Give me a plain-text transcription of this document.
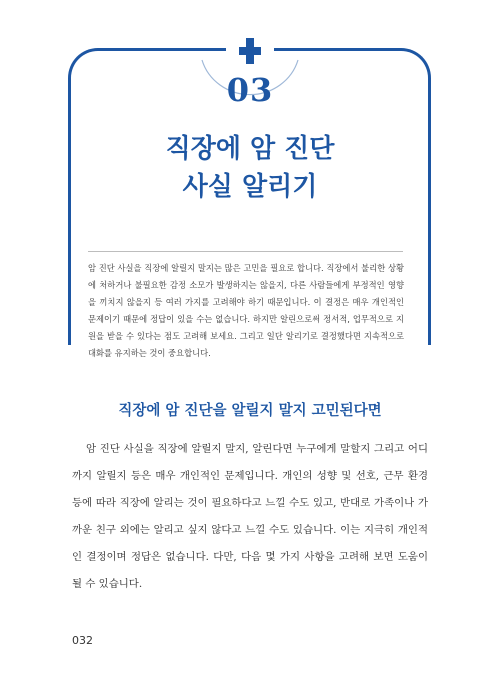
03
직장에 암 진단
사실 알리기
암 진단 사실을 직장에 알릴지 말지는 많은 고민을 필요로 합니다. 직장에서 불리한 상황에 처하거나 불필요한 감정 소모가 발생하지는 않을지, 다른 사람들에게 부정적인 영향을 끼치지 않을지 등 여러 가지를 고려해야 하기 때문입니다. 이 결정은 매우 개인적인 문제이기 때문에 정답이 있을 수는 없습니다. 하지만 알린으로써 정서적, 업무적으로 지원을 받을 수 있다는 점도 고려해 보세요. 그리고 일단 알리기로 결정했다면 지속적으로 대화를 유지하는 것이 중요합니다.
직장에 암 진단을 알릴지 말지 고민된다면
암 진단 사실을 직장에 알릴지 말지, 알린다면 누구에게 말할지 그리고 어디까지 알릴지 등은 매우 개인적인 문제입니다. 개인의 성향 및 선호, 근무 환경 등에 따라 직장에 알리는 것이 필요하다고 느낄 수도 있고, 반대로 가족이나 가까운 친구 외에는 알리고 싶지 않다고 느낄 수도 있습니다. 이는 지극히 개인적인 결정이며 정답은 없습니다. 다만, 다음 몇 가지 사항을 고려해 보면 도움이 될 수 있습니다.
032
